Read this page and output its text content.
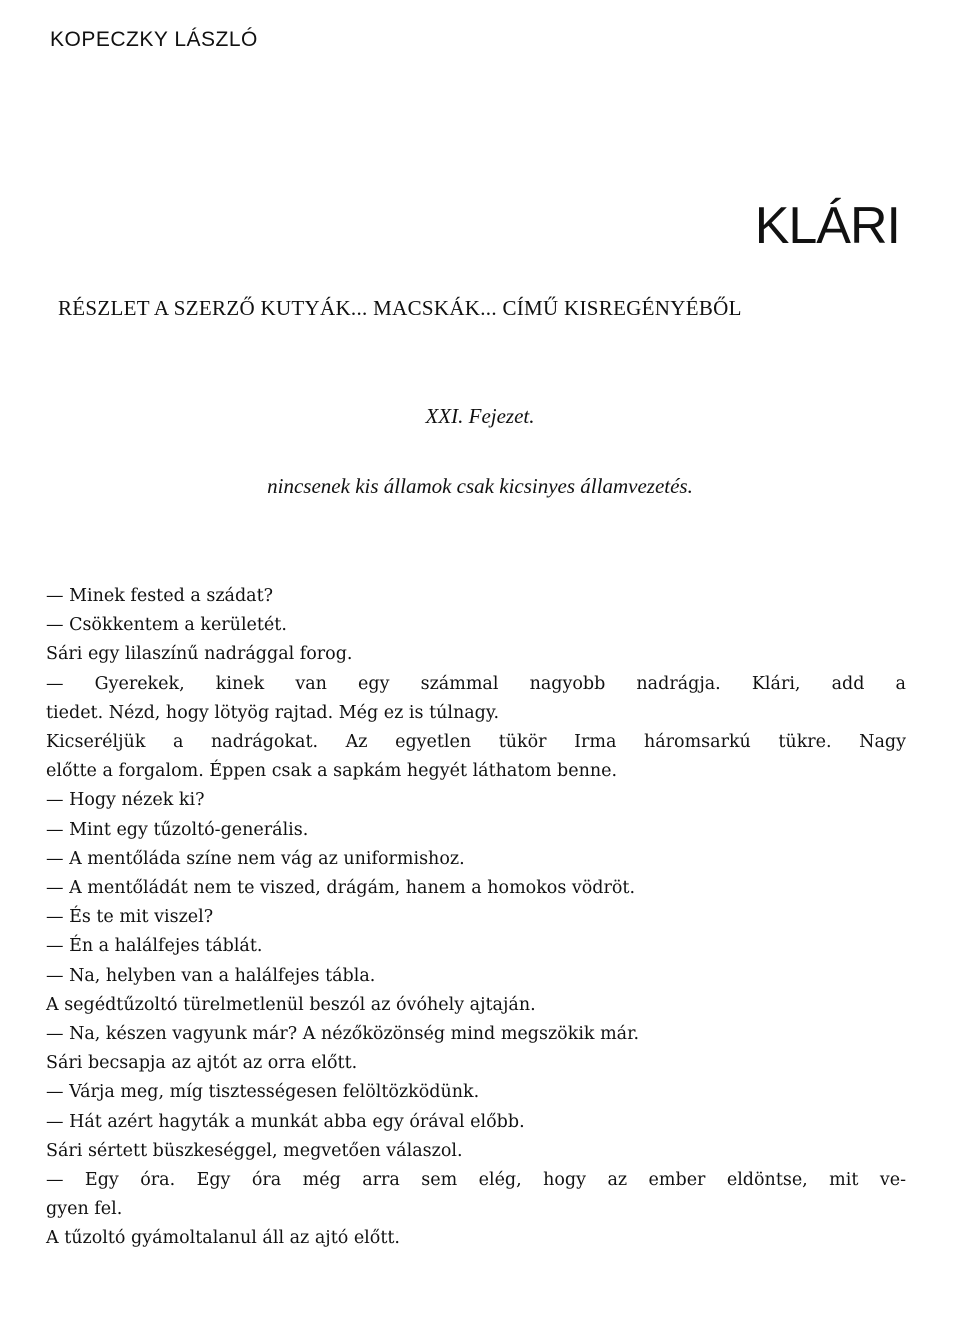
KOPECZKY LÁSZLÓ

KLÁRI

RÉSZLET A SZERZŐ KUTYÁK... MACSKÁK... CÍMŰ KISREGÉNYÉBŐL

XXI. Fejezet.

nincsenek kis államok csak kicsinyes államvezetés.

— Minek fested a szádat?
— Csökkentem a kerületét.
Sári egy lilaszínű nadrággal forog.
— Gyerekek, kinek van egy számmal nagyobb nadrágja. Klári, add a
tiedet. Nézd, hogy lötyög rajtad. Még ez is túlnagy.
Kicseréljük a nadrágokat. Az egyetlen tükör Irma háromsarkú tükre. Nagy
előtte a forgalom. Éppen csak a sapkám hegyét láthatom benne.
— Hogy nézek ki?
— Mint egy tűzoltó-generális.
— A mentőláda színe nem vág az uniformishoz.
— A mentőládát nem te viszed, drágám, hanem a homokos vödröt.
— És te mit viszel?
— Én a halálfejes táblát.
— Na, helyben van a halálfejes tábla.
A segédtűzoltó türelmetlenül beszól az óvóhely ajtaján.
— Na, készen vagyunk már? A nézőközönség mind megszökik már.
Sári becsapja az ajtót az orra előtt.
— Várja meg, míg tisztességesen felöltözködünk.
— Hát azért hagyták a munkát abba egy órával előbb.
Sári sértett büszkeséggel, megvetően válaszol.
— Egy óra. Egy óra még arra sem elég, hogy az ember eldöntse, mit ve-
gyen fel.
A tűzoltó gyámoltalanul áll az ajtó előtt.
